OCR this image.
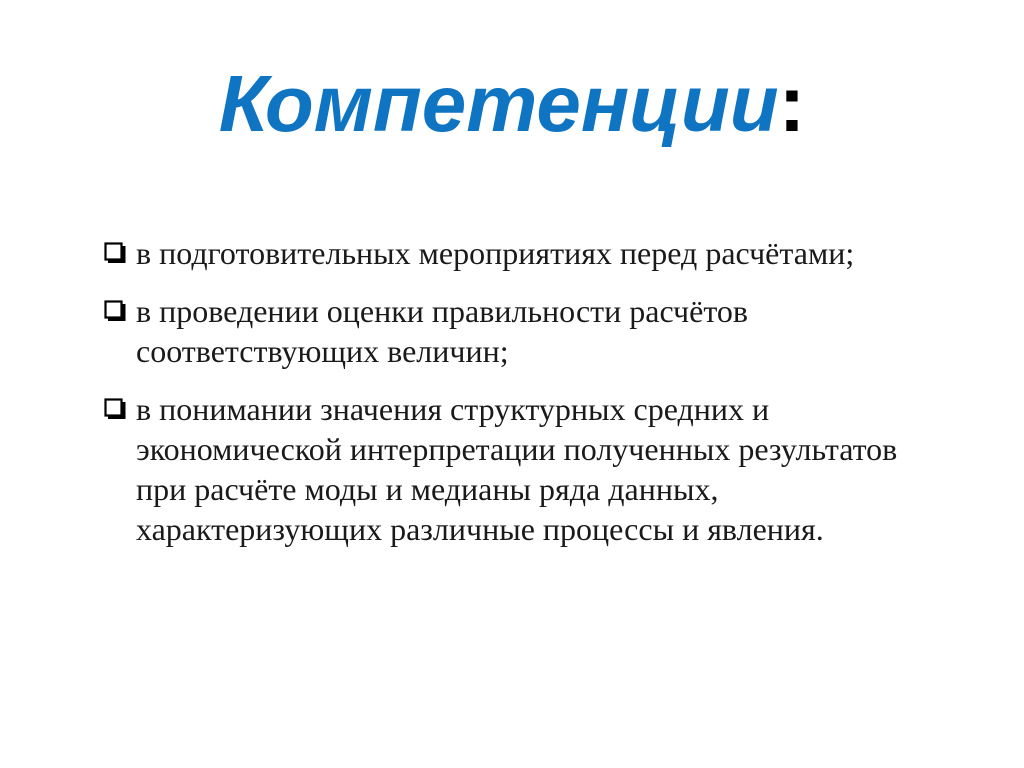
Компетенции:
в подготовительных мероприятиях перед расчётами;
в проведении оценки правильности расчётов соответствующих величин;
в понимании значения структурных средних и экономической интерпретации полученных результатов при расчёте моды и медианы ряда данных, характеризующих различные процессы и явления.
